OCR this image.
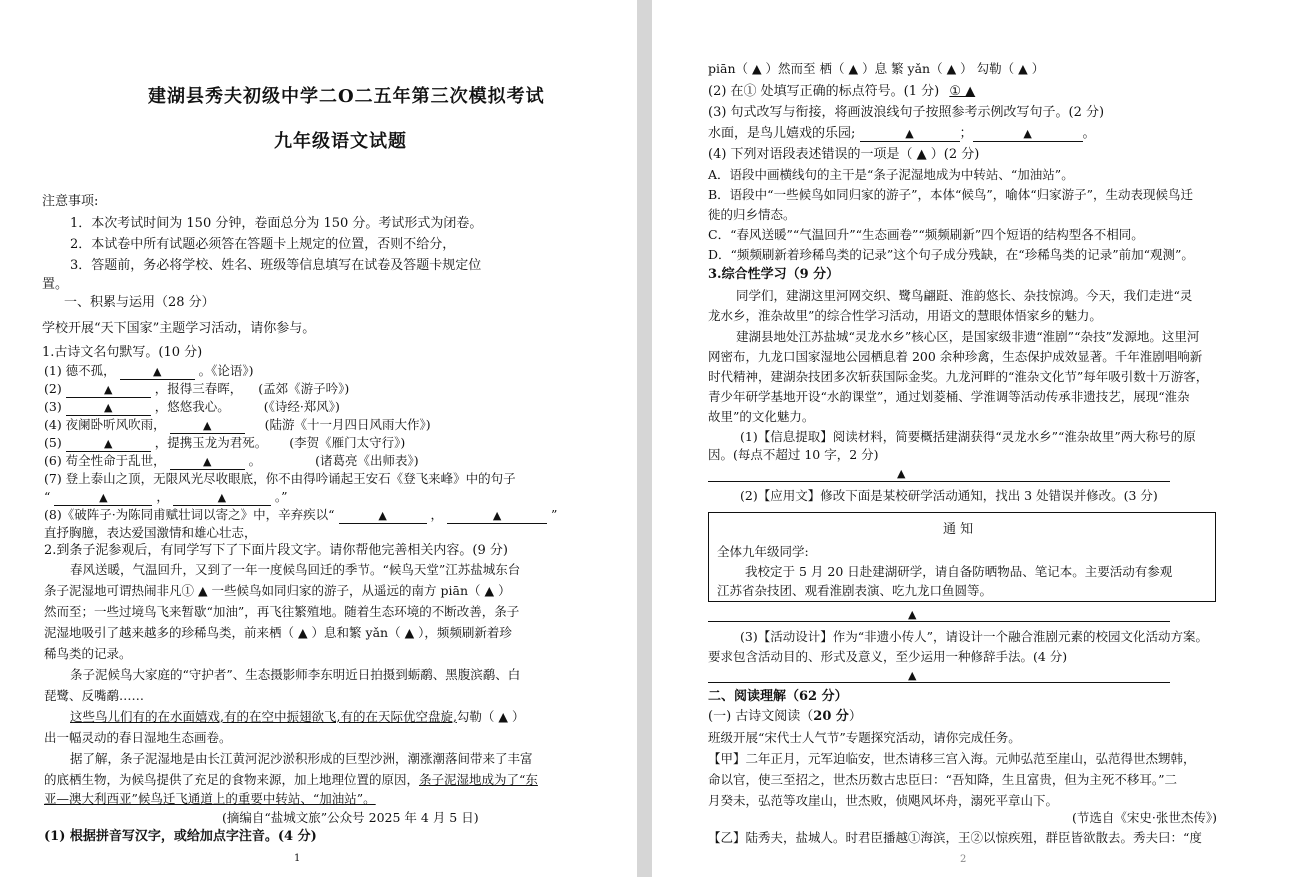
建湖县秀夫初级中学二O二五年第三次模拟考试
九年级语文试题
注意事项:
1．本次考试时间为 150 分钟，卷面总分为 150 分。考试形式为闭卷。
2．本试卷中所有试题必须答在答题卡上规定的位置，否则不给分，
3．答题前，务必将学校、姓名、班级等信息填写在试卷及答题卡规定位
置。
一、积累与运用（28 分）
学校开展“天下国家”主题学习活动，请你参与。
1.古诗文名句默写。(10 分)
(1) 德不孤，	▲	。《论语》)
(2)	▲	，报得三春晖， (孟郊《游子吟》)
(3)	▲	，悠悠我心。	(《诗经·郑风》)
(4) 夜阑卧听风吹雨，	▲	(陆游《十一月四日风雨大作》)
(5)	▲	，提携玉龙为君死。 (李贺《雁门太守行》)
(6) 苟全性命于乱世，	▲	。	(诸葛亮《出师表》)
(7) 登上泰山之顶，无限风光尽收眼底，你不由得吟诵起王安石《登飞来峰》中的句子
“	▲	，	▲	。”
(8)《破阵子·为陈同甫赋壮词以寄之》中，辛弃疾以“	▲	，	▲	”
直抒胸臆，表达爱国激情和雄心壮志，
2.到条子泥参观后，有同学写下了下面片段文字。请你帮他完善相关内容。(9 分)
春风送暖，气温回升，又到了一年一度候鸟回迁的季节。“候鸟天堂”江苏盐城东台
条子泥湿地可谓热闹非凡① ▲ 一些候鸟如同归家的游子，从遥远的南方 piān（ ▲ ）
然而至；一些过境鸟飞来暂歇“加油”，再飞往繁殖地。随着生态环境的不断改善，条子
泥湿地吸引了越来越多的珍稀鸟类，前来栖（ ▲ ）息和繁 yǎn（ ▲ ），频频刷新着珍
稀鸟类的记录。
条子泥候鸟大家庭的“守护者”、生态摄影师李东明近日拍摄到蛎鹬、黑腹滨鹬、白
琵鹭、反嘴鹬……
这些鸟儿们有的在水面嬉戏,有的在空中振翅欲飞,有的在天际优空盘旋,勾勒（ ▲ ）
出一幅灵动的春日湿地生态画卷。
据了解，条子泥湿地是由长江黄河泥沙淤积形成的巨型沙洲，潮涨潮落间带来了丰富
的底栖生物，为候鸟提供了充足的食物来源，加上地理位置的原因，条子泥湿地成为了“东
亚—澳大利西亚”候鸟迁飞通道上的重要中转站、“加油站”。
(摘编自“盐城文旅”公众号 2025 年 4 月 5 日)
(1) 根据拼音写汉字，或给加点字注音。(4 分)
1
piān（ ▲ ）然而至 栖（ ▲ ）息 繁 yǎn（ ▲ ） 勾勒（ ▲ ）
(2) 在① 处填写正确的标点符号。(1 分) ① ▲
(3) 句式改写与衔接，将画波浪线句子按照参考示例改写句子。(2 分)
水面，是鸟儿嬉戏的乐园;	▲	；	▲	。
(4) 下列对语段表述错误的一项是（ ▲ ）(2 分)
A．语段中画横线句的主干是“条子泥湿地成为中转站、“加油站”。
B．语段中“一些候鸟如同归家的游子”，本体“候鸟”，喻体“归家游子”，生动表现候鸟迁
徙的归乡情态。
C．“春风送暖”“气温回升”“生态画卷”“频频刷新”四个短语的结构型各不相同。
D．“频频刷新着珍稀鸟类的记录”这个句子成分残缺，在“珍稀鸟类的记录”前加“观测”。
3.综合性学习（9 分）
同学们，建湖这里河网交织、鹭鸟翩跹、淮韵悠长、杂技惊鸿。今天，我们走进“灵
龙水乡，淮杂故里”的综合性学习活动，用语文的慧眼体悟家乡的魅力。
建湖县地处江苏盐城“灵龙水乡”核心区，是国家级非遗“淮剧”“杂技”发源地。这里河
网密布，九龙口国家湿地公园栖息着 200 余种珍禽，生态保护成效显著。千年淮剧唱响新
时代精神，建湖杂技团多次斩获国际金奖。九龙河畔的“淮杂文化节”每年吸引数十万游客，
青少年研学基地开设“水韵课堂”，通过划菱桶、学淮调等活动传承非遗技艺，展现“淮杂
故里”的文化魅力。
(1)【信息提取】阅读材料，简要概括建湖获得“灵龙水乡”“淮杂故里”两大称号的原
因。(每点不超过 10 字，2 分)
▲
(2)【应用文】修改下面是某校研学活动通知，找出 3 处错误并修改。(3 分)
通 知
全体九年级同学:
我校定于 5 月 20 日赴建湖研学，请自备防晒物品、笔记本。主要活动有参观
江苏省杂技团、观看淮剧表演、吃九龙口鱼圆等。
▲
(3)【活动设计】作为“非遗小传人”，请设计一个融合淮剧元素的校园文化活动方案。
要求包含活动目的、形式及意义，至少运用一种修辞手法。(4 分)
▲
二、阅读理解（62 分）
(一) 古诗文阅读（20 分）
班级开展“宋代士人气节”专题探究活动，请你完成任务。
【甲】二年正月，元军迫临安，世杰请移三宫入海。元帅弘范至崖山，弘范得世杰甥韩，
命以官，使三至招之，世杰历数古忠臣曰：“吾知降，生且富贵，但为主死不移耳。”二
月癸未，弘范等攻崖山，世杰败，侦飓风坏舟，溺死平章山下。
(节选自《宋史·张世杰传》)
【乙】陆秀夫，盐城人。时君臣播越①海滨，王②以惊疾殂，群臣皆欲散去。秀夫曰：“度
2
